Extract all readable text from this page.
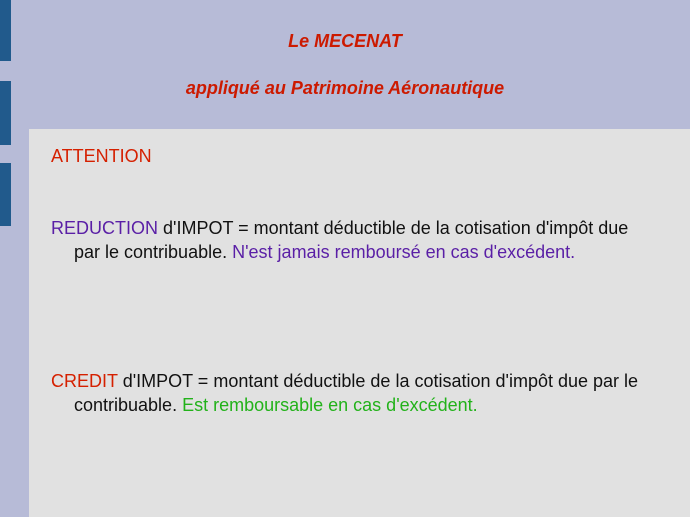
Le MECENAT
appliqué au Patrimoine Aéronautique
ATTENTION
REDUCTION d'IMPOT = montant déductible de la cotisation d'impôt due par le contribuable. N'est jamais remboursé en cas d'excédent.
CREDIT d'IMPOT = montant déductible de la cotisation d'impôt due par le contribuable. Est remboursable en cas d'excédent.
